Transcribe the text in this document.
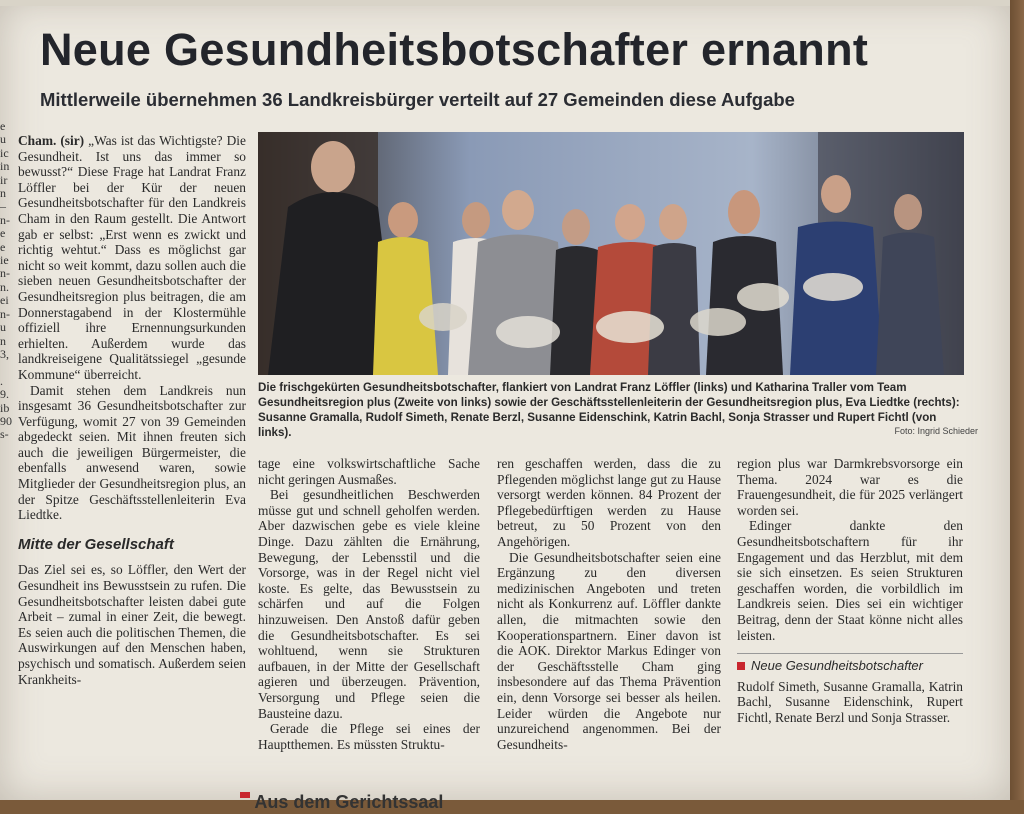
e
u
ic
in
ir
n
–
n-
e
e
ie
n-
n.
ei
n-
u
n
3,

.
9.
ib
90
s-
Neue Gesundheitsbotschafter ernannt
Mittlerweile übernehmen 36 Landkreisbürger verteilt auf 27 Gemeinden diese Aufgabe
Die frischgekürten Gesundheitsbotschafter, flankiert von Landrat Franz Löffler (links) und Katharina Traller vom Team Gesundheitsregion plus (Zweite von links) sowie der Geschäftsstellenleiterin der Gesundheitsregion plus, Eva Liedtke (rechts): Susanne Gramalla, Rudolf Simeth, Renate Berzl, Susanne Eidenschink, Katrin Bachl, Sonja Strasser und Rupert Fichtl (von links).	Foto: Ingrid Schieder

Cham. (sir) „Was ist das Wichtigste? Die Gesundheit. Ist uns das immer so bewusst?“ Diese Frage hat Landrat Franz Löffler bei der Kür der neuen Gesundheitsbotschafter für den Landkreis Cham in den Raum gestellt. Die Antwort gab er selbst: „Erst wenn es zwickt und richtig wehtut.“ Dass es möglichst gar nicht so weit kommt, dazu sollen auch die sieben neuen Gesundheitsbotschafter der Gesundheitsregion plus beitragen, die am Donnerstagabend in der Klostermühle offiziell ihre Ernennungsurkunden erhielten. Außerdem wurde das landkreiseigene Qualitätssiegel „gesunde Kommune“ überreicht.

Damit stehen dem Landkreis nun insgesamt 36 Gesundheitsbotschafter zur Verfügung, womit 27 von 39 Gemeinden abgedeckt seien. Mit ihnen freuten sich auch die jeweiligen Bürgermeister, die ebenfalls anwesend waren, sowie Mitglieder der Gesundheitsregion plus, an der Spitze Geschäftsstellenleiterin Eva Liedtke.

Mitte der Gesellschaft

Das Ziel sei es, so Löffler, den Wert der Gesundheit ins Bewusstsein zu rufen. Die Gesundheitsbotschafter leisten dabei gute Arbeit – zumal in einer Zeit, die bewegt. Es seien auch die politischen Themen, die Auswirkungen auf den Menschen haben, psychisch und somatisch. Außerdem seien Krankheits-

tage eine volkswirtschaftliche Sache nicht geringen Ausmaßes.

Bei gesundheitlichen Beschwerden müsse gut und schnell geholfen werden. Aber dazwischen gebe es viele kleine Dinge. Dazu zählten die Ernährung, Bewegung, der Lebensstil und die Vorsorge, was in der Regel nicht viel koste. Es gelte, das Bewusstsein zu schärfen und auf die Folgen hinzuweisen. Den Anstoß dafür geben die Gesundheitsbotschafter. Es sei wohltuend, wenn sie Strukturen aufbauen, in der Mitte der Gesellschaft agieren und überzeugen. Prävention, Versorgung und Pflege seien die Bausteine dazu.

Gerade die Pflege sei eines der Hauptthemen. Es müssten Struktu-

ren geschaffen werden, dass die zu Pflegenden möglichst lange gut zu Hause versorgt werden können. 84 Prozent der Pflegebedürftigen werden zu Hause betreut, zu 50 Prozent von den Angehörigen.

Die Gesundheitsbotschafter seien eine Ergänzung zu den diversen medizinischen Angeboten und treten nicht als Konkurrenz auf. Löffler dankte allen, die mitmachten sowie den Kooperationspartnern. Einer davon ist die AOK. Direktor Markus Edinger von der Geschäftsstelle Cham ging insbesondere auf das Thema Prävention ein, denn Vorsorge sei besser als heilen. Leider würden die Angebote nur unzureichend angenommen. Bei der Gesundheits-

region plus war Darmkrebsvorsorge ein Thema. 2024 war es die Frauengesundheit, die für 2025 verlängert worden sei.

Edinger dankte den Gesundheitsbotschaftern für ihr Engagement und das Herzblut, mit dem sie sich einsetzen. Es seien Strukturen geschaffen worden, die vorbildlich im Landkreis seien. Dies sei ein wichtiger Beitrag, denn der Staat könne nicht alles leisten.

Neue Gesundheitsbotschafter

Rudolf Simeth, Susanne Gramalla, Katrin Bachl, Susanne Eidenschink, Rupert Fichtl, Renate Berzl und Sonja Strasser.

Aus dem Gerichtssaal
